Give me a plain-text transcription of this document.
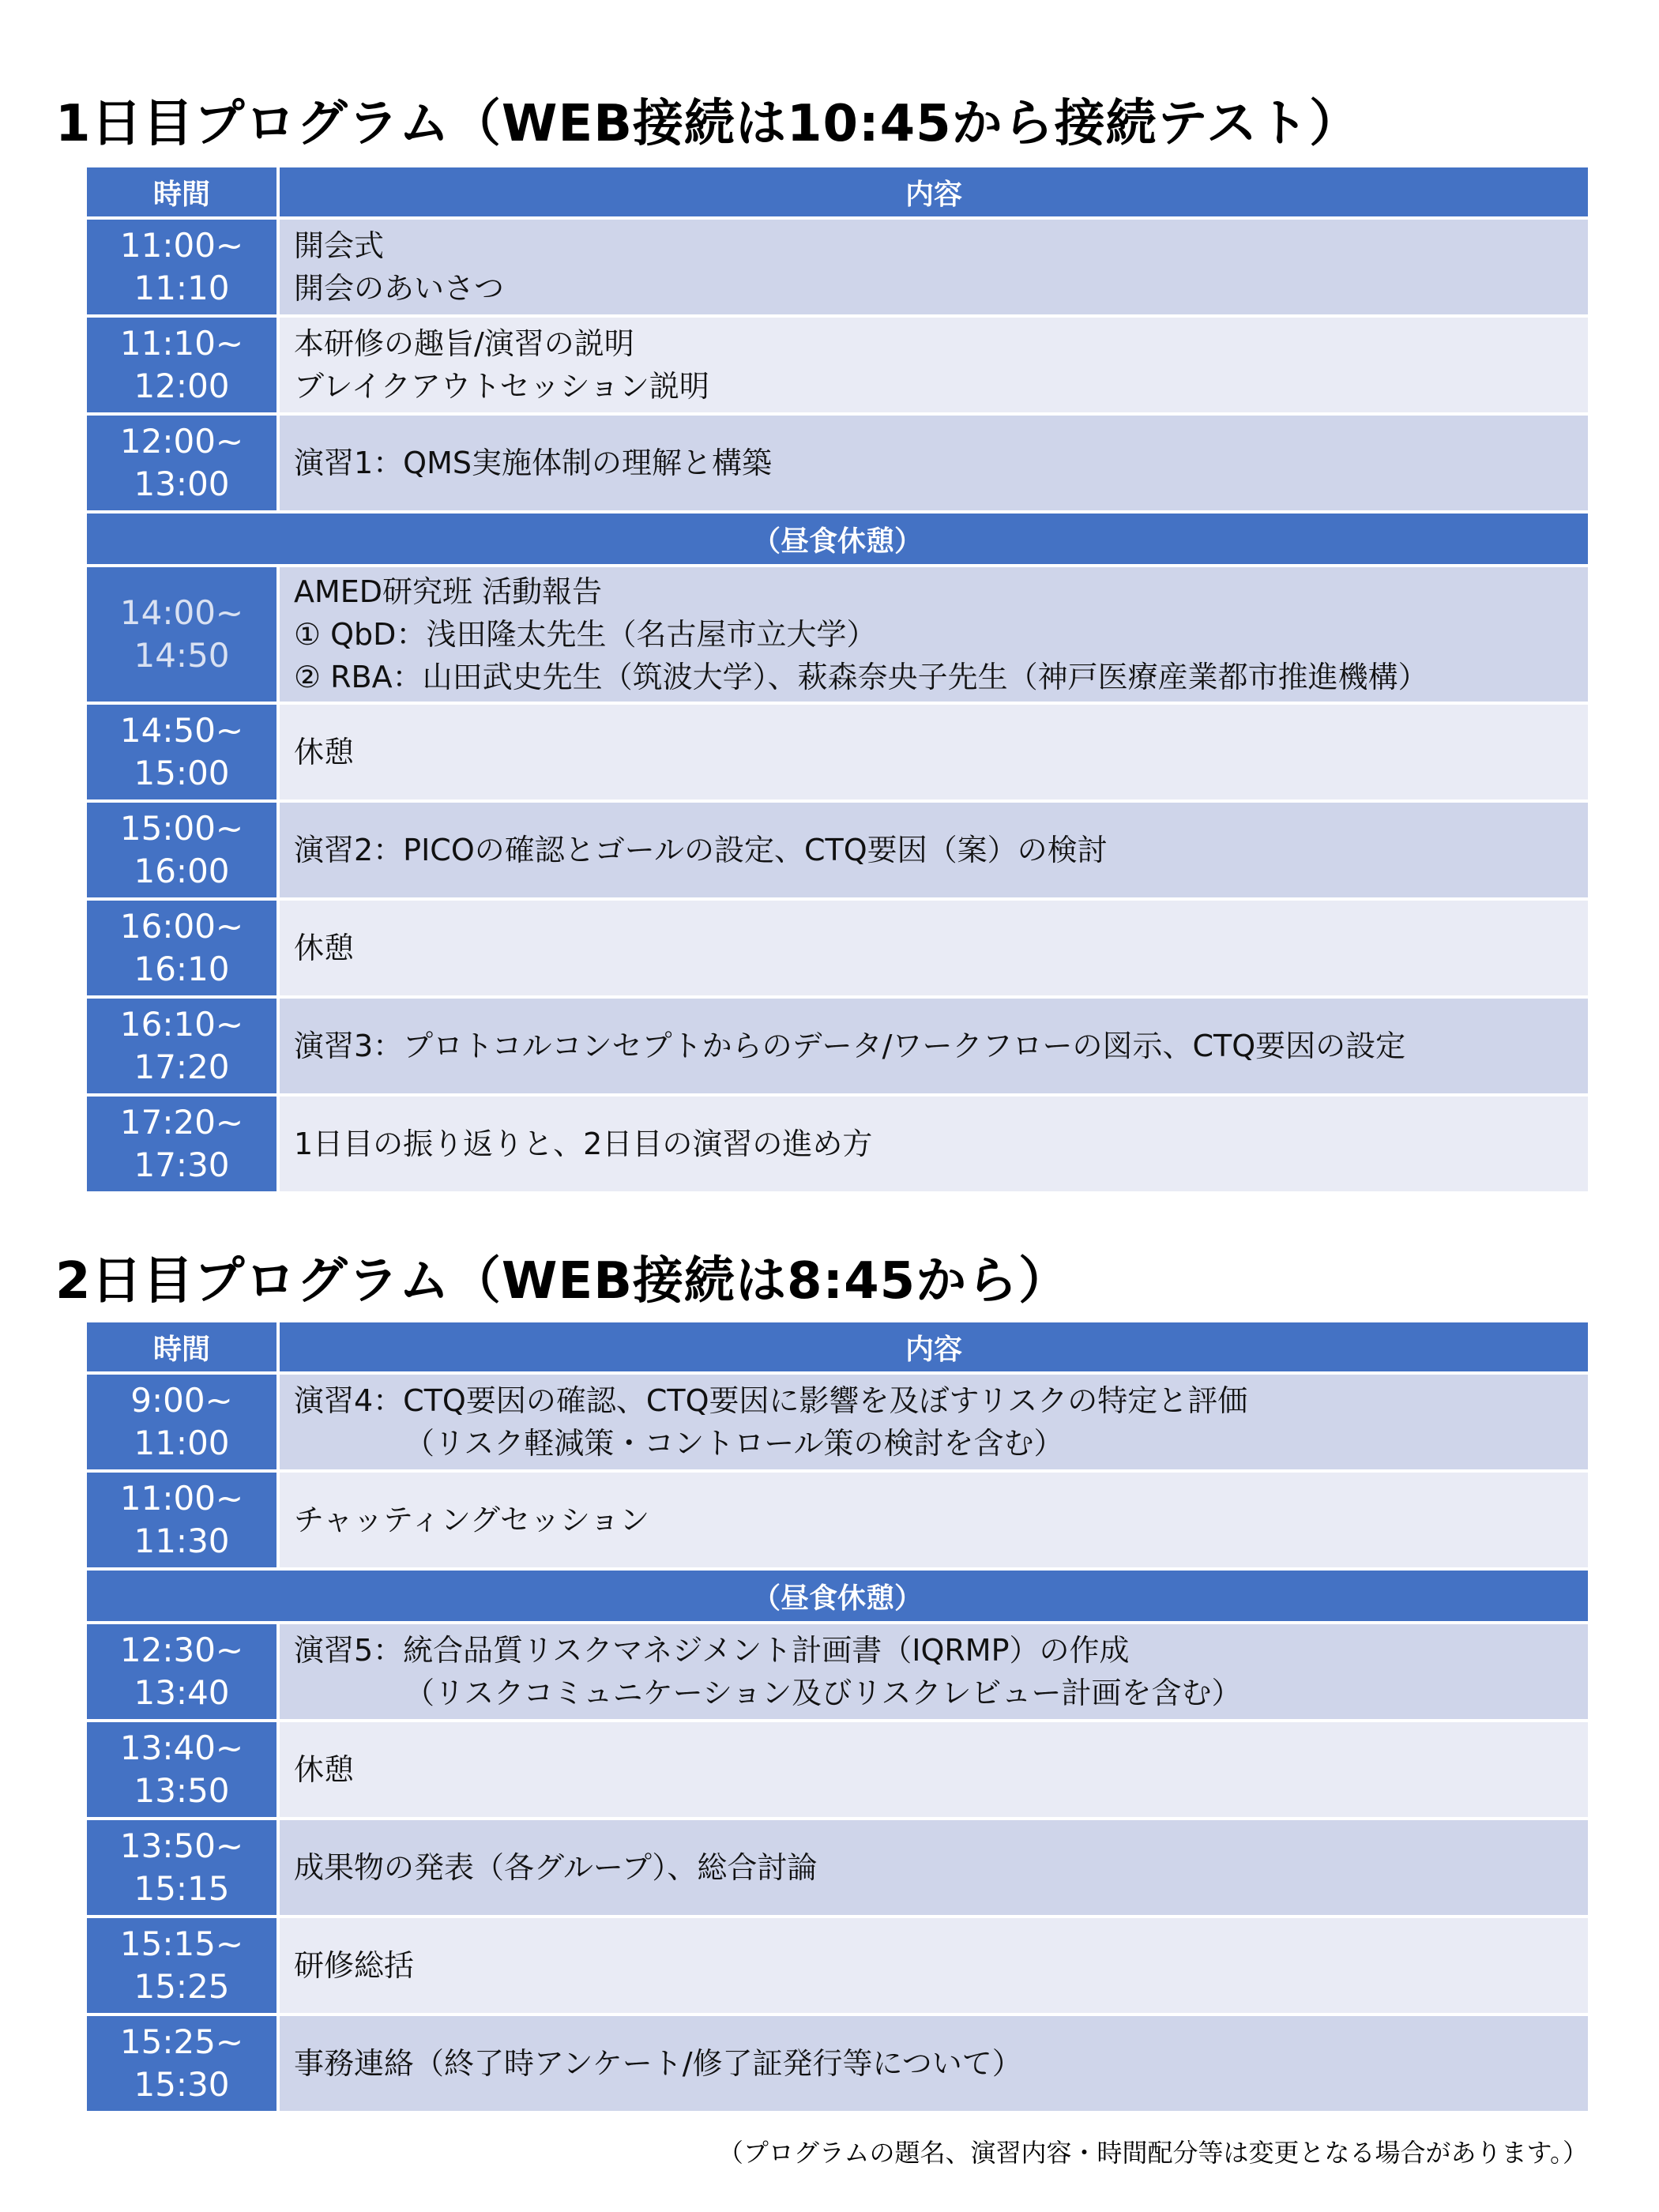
1日目プログラム（WEB接続は10:45から接続テスト）
時間	内容

11:00~
11:10	開会式
開会のあいさつ

11:10~
12:00	本研修の趣旨/演習の説明
ブレイクアウトセッション説明

12:00~
13:00	演習1：QMS実施体制の理解と構築

（昼食休憩）	

14:00~
14:50	AMED研究班 活動報告
① QbD：浅田隆太先生（名古屋市立大学）
② RBA：山田武史先生（筑波大学）、萩森奈央子先生（神戸医療産業都市推進機構）

14:50~
15:00	休憩

15:00~
16:00	演習2：PICOの確認とゴールの設定、CTQ要因（案）の検討

16:00~
16:10	休憩

16:10~
17:20	演習3：プロトコルコンセプトからのデータ/ワークフローの図示、CTQ要因の設定

17:20~
17:30	1日目の振り返りと、2日目の演習の進め方
2日目プログラム（WEB接続は8:45から）
時間	内容

9:00~
11:00	演習4：CTQ要因の確認、CTQ要因に影響を及ぼすリスクの特定と評価
（リスク軽減策・コントロール策の検討を含む）

11:00~
11:30	チャッティングセッション

（昼食休憩）	

12:30~
13:40	演習5：統合品質リスクマネジメント計画書（IQRMP）の作成
（リスクコミュニケーション及びリスクレビュー計画を含む）

13:40~
13:50	休憩

13:50~
15:15	成果物の発表（各グループ）、総合討論

15:15~
15:25	研修総括

15:25~
15:30	事務連絡（終了時アンケート/修了証発行等について）
（プログラムの題名、演習内容・時間配分等は変更となる場合があります。）
